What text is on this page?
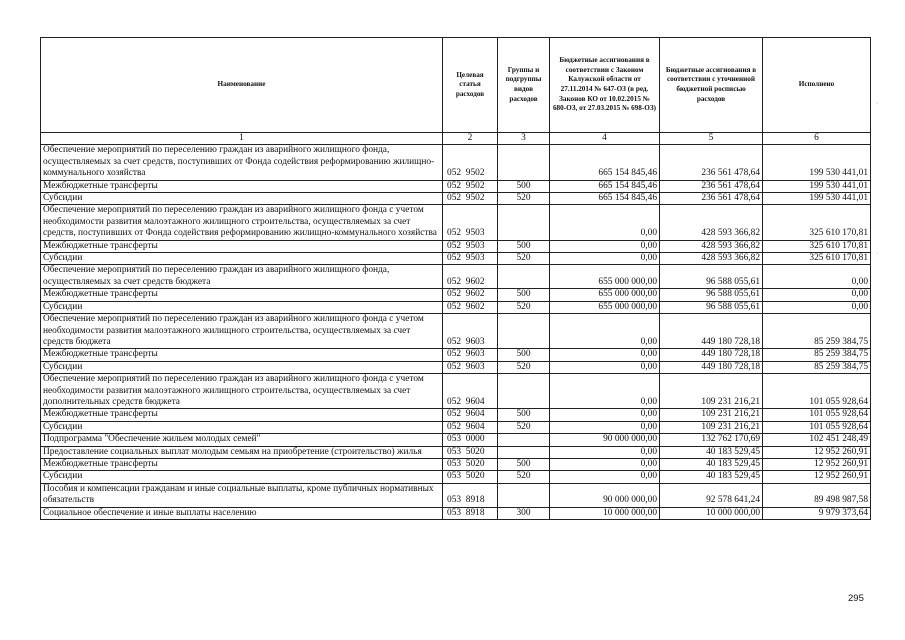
Наименование	Целевая статья расходов	Группы и подгруппы видов расходов	Бюджетные ассигнования в соответствии с Законом Калужской области от 27.11.2014 № 647-ОЗ (в ред. Законов КО от 10.02.2015 № 680-ОЗ, от 27.03.2015 № 698-ОЗ)	Бюджетные ассигнования в соответствии с уточненной бюджетной росписью расходов	Исполнено
1	2	3	4	5	6
Обеспечение мероприятий по переселению граждан из аварийного жилищного фонда, осуществляемых за счет средств, поступивших от Фонда содействия реформированию жилищно-коммунального хозяйства	052  9502		665 154 845,46	236 561 478,64	199 530 441,01
Межбюджетные трансферты	052  9502	500	665 154 845,46	236 561 478,64	199 530 441,01
Субсидии	052  9502	520	665 154 845,46	236 561 478,64	199 530 441,01
Обеспечение мероприятий по переселению граждан из аварийного жилищного фонда с учетом необходимости развития малоэтажного жилищного строительства, осуществляемых за счет средств, поступивших от Фонда содействия реформированию жилищно-коммунального хозяйства	052  9503		0,00	428 593 366,82	325 610 170,81
Межбюджетные трансферты	052  9503	500	0,00	428 593 366,82	325 610 170,81
Субсидии	052  9503	520	0,00	428 593 366,82	325 610 170,81
Обеспечение мероприятий по переселению граждан из аварийного жилищного фонда, осуществляемых за счет средств бюджета	052  9602		655 000 000,00	96 588 055,61	0,00
Межбюджетные трансферты	052  9602	500	655 000 000,00	96 588 055,61	0,00
Субсидии	052  9602	520	655 000 000,00	96 588 055,61	0,00
Обеспечение мероприятий по переселению граждан из аварийного жилищного фонда с учетом необходимости развития малоэтажного жилищного строительства, осуществляемых за счет средств бюджета	052  9603		0,00	449 180 728,18	85 259 384,75
Межбюджетные трансферты	052  9603	500	0,00	449 180 728,18	85 259 384,75
Субсидии	052  9603	520	0,00	449 180 728,18	85 259 384,75
Обеспечение мероприятий по переселению граждан из аварийного жилищного фонда с учетом необходимости развития малоэтажного жилищного строительства, осуществляемых за счет дополнительных средств бюджета	052  9604		0,00	109 231 216,21	101 055 928,64
Межбюджетные трансферты	052  9604	500	0,00	109 231 216,21	101 055 928,64
Субсидии	052  9604	520	0,00	109 231 216,21	101 055 928,64
Подпрограмма "Обеспечение жильем молодых семей"	053  0000		90 000 000,00	132 762 170,69	102 451 248,49
Предоставление социальных выплат молодым семьям на приобретение (строительство) жилья	053  5020		0,00	40 183 529,45	12 952 260,91
Межбюджетные трансферты	053  5020	500	0,00	40 183 529,45	12 952 260,91
Субсидии	053  5020	520	0,00	40 183 529,45	12 952 260,91
Пособия и компенсации гражданам и иные социальные выплаты, кроме публичных нормативных обязательств	053  8918		90 000 000,00	92 578 641,24	89 498 987,58
Социальное обеспечение и иные выплаты населению	053  8918	300	10 000 000,00	10 000 000,00	9 979 373,64
295
·
·
